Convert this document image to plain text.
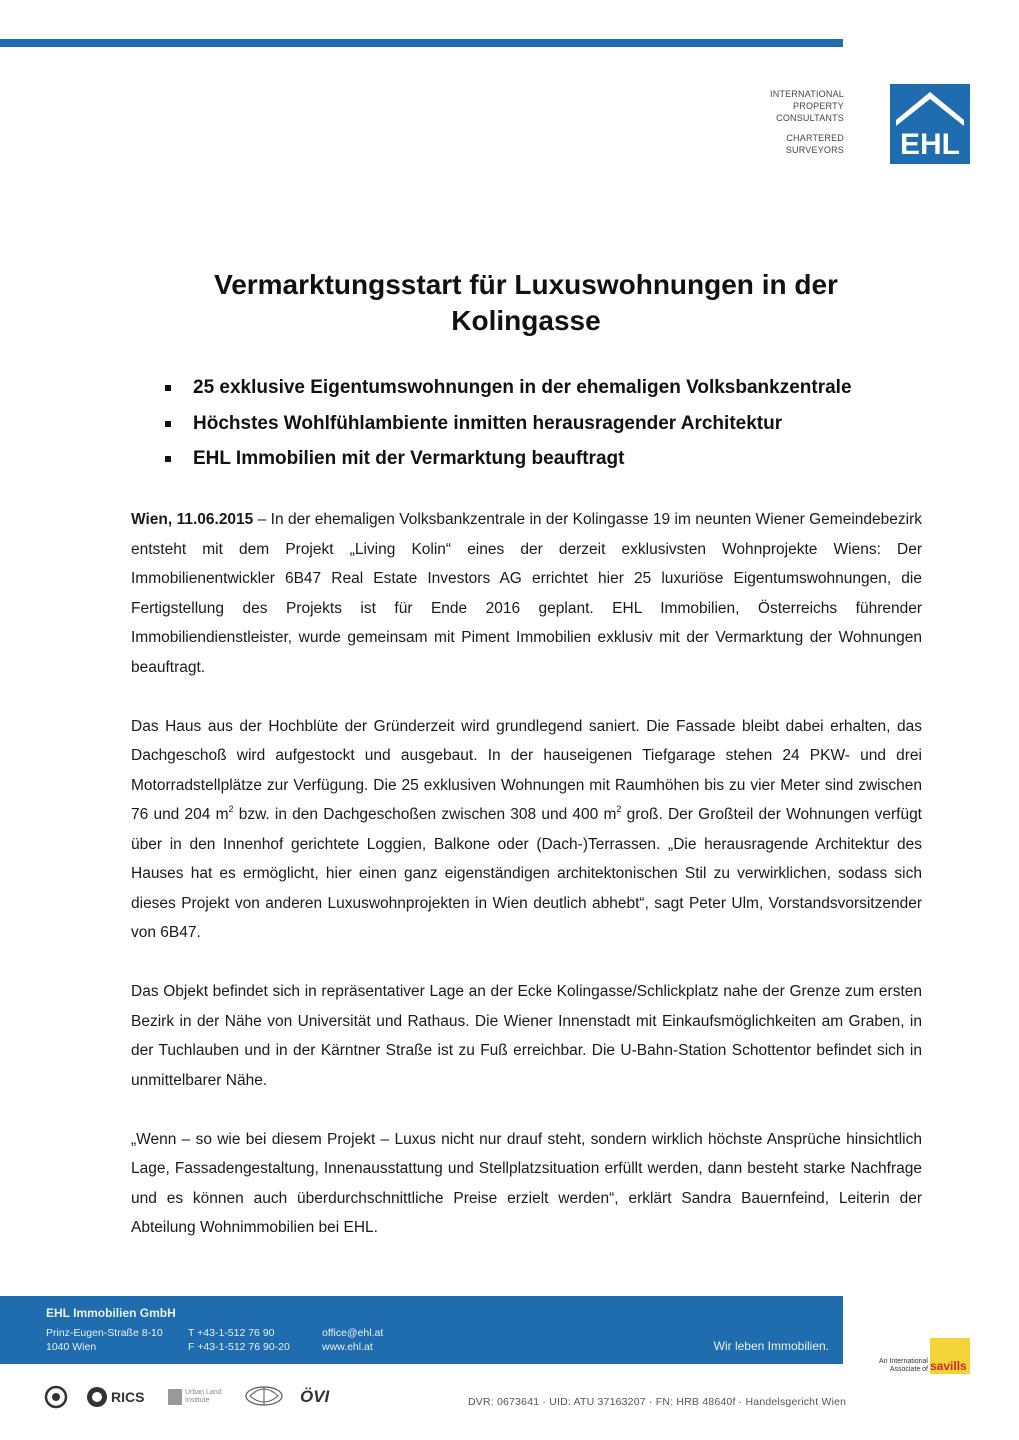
INTERNATIONAL
PROPERTY
CONSULTANTS
CHARTERED
SURVEYORS EHL
Vermarktungsstart für Luxuswohnungen in der
Kolingasse
25 exklusive Eigentumswohnungen in der ehemaligen Volksbankzentrale
Höchstes Wohlfühlambiente inmitten herausragender Architektur
EHL Immobilien mit der Vermarktung beauftragt

Wien, 11.06.2015 – In der ehemaligen Volksbankzentrale in der Kolingasse 19 im neunten Wiener Gemeindebezirk entsteht mit dem Projekt „Living Kolin“ eines der derzeit exklusivsten Wohnprojekte Wiens: Der Immobilienentwickler 6B47 Real Estate Investors AG errichtet hier 25 luxuriöse Eigentumswohnungen, die Fertigstellung des Projekts ist für Ende 2016 geplant. EHL Immobilien, Österreichs führender Immobiliendienstleister, wurde gemeinsam mit Piment Immobilien exklusiv mit der Vermarktung der Wohnungen beauftragt.

Das Haus aus der Hochblüte der Gründerzeit wird grundlegend saniert. Die Fassade bleibt dabei erhalten, das Dachgeschoß wird aufgestockt und ausgebaut. In der hauseigenen Tiefgarage stehen 24 PKW- und drei Motorradstellplätze zur Verfügung. Die 25 exklusiven Wohnungen mit Raumhöhen bis zu vier Meter sind zwischen 76 und 204 $m^2$ bzw. in den Dachgeschoßen zwischen 308 und 400 $m^2$ groß. Der Großteil der Wohnungen verfügt über in den Innenhof gerichtete Loggien, Balkone oder (Dach-)Terrassen. „Die herausragende Architektur des Hauses hat es ermöglicht, hier einen ganz eigenständigen architektonischen Stil zu verwirklichen, sodass sich dieses Projekt von anderen Luxuswohnprojekten in Wien deutlich abhebt“, sagt Peter Ulm, Vorstandsvorsitzender von 6B47.

Das Objekt befindet sich in repräsentativer Lage an der Ecke Kolingasse/Schlickplatz nahe der Grenze zum ersten Bezirk in der Nähe von Universität und Rathaus. Die Wiener Innenstadt mit Einkaufsmöglichkeiten am Graben, in der Tuchlauben und in der Kärntner Straße ist zu Fuß erreichbar. Die U-Bahn-Station Schottentor befindet sich in unmittelbarer Nähe.

„Wenn – so wie bei diesem Projekt – Luxus nicht nur drauf steht, sondern wirklich höchste Ansprüche hinsichtlich Lage, Fassadengestaltung, Innenausstattung und Stellplatzsituation erfüllt werden, dann besteht starke Nachfrage und es können auch überdurchschnittliche Preise erzielt werden“, erklärt Sandra Bauernfeind, Leiterin der Abteilung Wohnimmobilien bei EHL.

EHL Immobilien GmbH
Prinz-Eugen-Straße 8-10
1040 Wien
T +43-1-512 76 90
F +43-1-512 76 90-20
office@ehl.at
www.ehl.at	Wir leben Immobilien.
An International
Associate of savills
RICS	Urban Land
Institute	ÖVI	DVR: 0673641 · UID: ATU 37163207 · FN: HRB 48640f · Handelsgericht Wien
